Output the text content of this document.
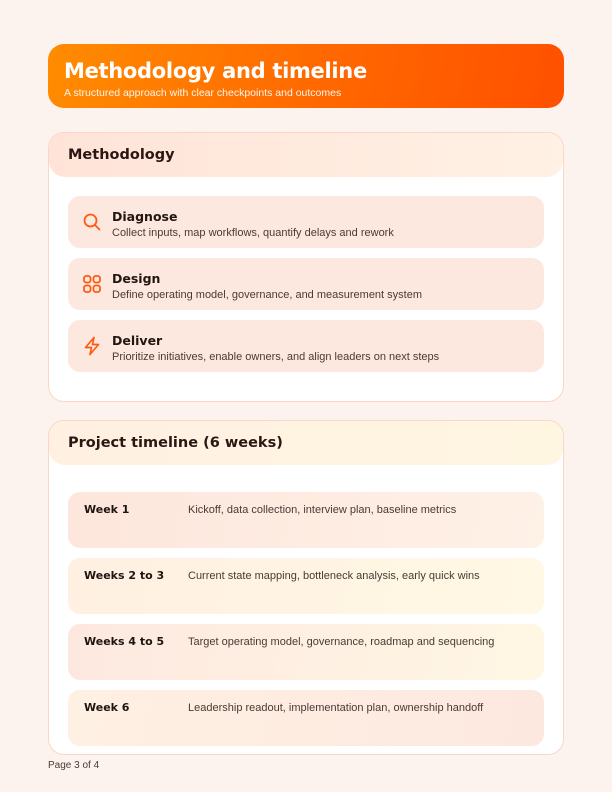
Methodology and timeline
A structured approach with clear checkpoints and outcomes
Methodology
Diagnose
Collect inputs, map workflows, quantify delays and rework
Design
Define operating model, governance, and measurement system
Deliver
Prioritize initiatives, enable owners, and align leaders on next steps
Project timeline (6 weeks)
Week 1	Kickoff, data collection, interview plan, baseline metrics
Weeks 2 to 3 Current state mapping, bottleneck analysis, early quick wins
Weeks 4 to 5 Target operating model, governance, roadmap and sequencing
Week 6	Leadership readout, implementation plan, ownership handoff
Page 3 of 4
